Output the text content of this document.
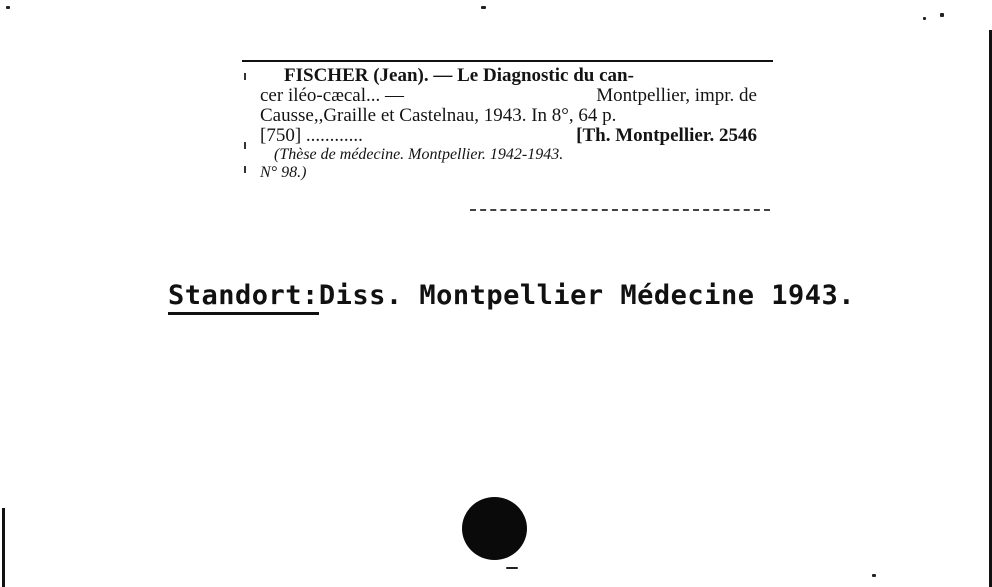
FISCHER (Jean). — Le Diagnostic du can-
cer iléo-cæcal... —	Montpellier, impr. de
Causse,,Graille et Castelnau, 1943. In 8°, 64 p.
[750] ............	[Th. Montpellier. 2546
(Thèse de médecine. Montpellier. 1942-1943.
N° 98.)
Standort:Diss. Montpellier Médecine 1943.
